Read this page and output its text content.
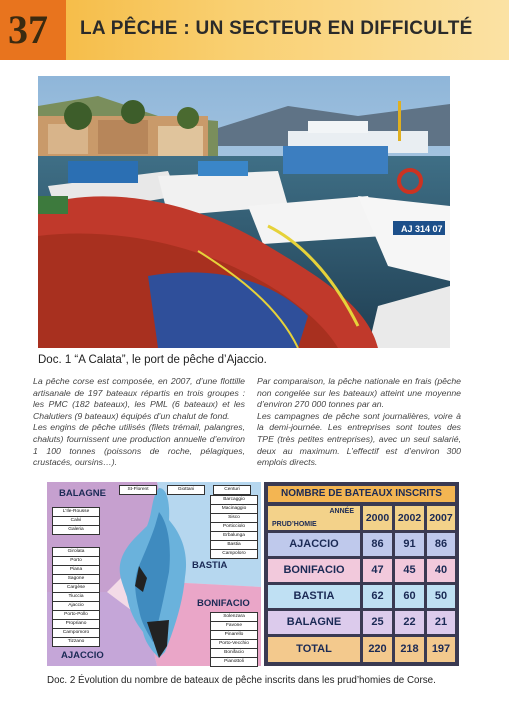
37 LA PÊCHE : UN SECTEUR EN DIFFICULTÉ
AJ 314 07
Doc. 1 “A Calata”, le port de pêche d’Ajaccio.

La pêche corse est composée, en 2007, d’une flottille artisanale de 197 bateaux répartis en trois groupes : les PMC (182 bateaux), les PML (6 bateaux) et les Chalutiers (9 bateaux) équipés d’un chalut de fond.

Les engins de pêche utilisés (filets trémail, palangres, chaluts) fournissent une production annuelle d’environ 1 100 tonnes (poissons de roche, pélagiques, crustacés, oursins…).

Par comparaison, la pêche nationale en frais (pêche non congelée sur les bateaux) atteint une moyenne d’environ 270 000 tonnes par an.

Les campagnes de pêche sont journalières, voire à la demi-journée. Les entreprises sont toutes des TPE (très petites entreprises), avec un seul salarié, deux au maximum. L’effectif est d’environ 300 emplois directs.

BALAGNE
BASTIA
BONIFACIO
AJACCIO
St-Florent	Giottani	Centuri
L'Ile-Rousse
Calvi
Galeria
Girolata
Porto
Piana
Sagone
Cargèse
Tiuccia
Ajaccio
Porto-Pollo
Propriano
Campomoro
Tizzano
Barcaggio
Macinaggio
Sisco
Porticciolo
Erbalunga
Bastia
Campoloro
Solenzara
Favone
Pinarello
Porto-Vecchio
Bonifacio
Pianottoli
NOMBRE DE BATEAUX INSCRITS
ANNÉE
PRUD’HOMIE
2000 2002 2007
AJACCIO	86	91	86
BONIFACIO	47	45	40
BASTIA	62	60	50
BALAGNE	25	22	21
TOTAL	220	218	197
Doc. 2 Évolution du nombre de bateaux de pêche inscrits dans les prud’homies de Corse.
